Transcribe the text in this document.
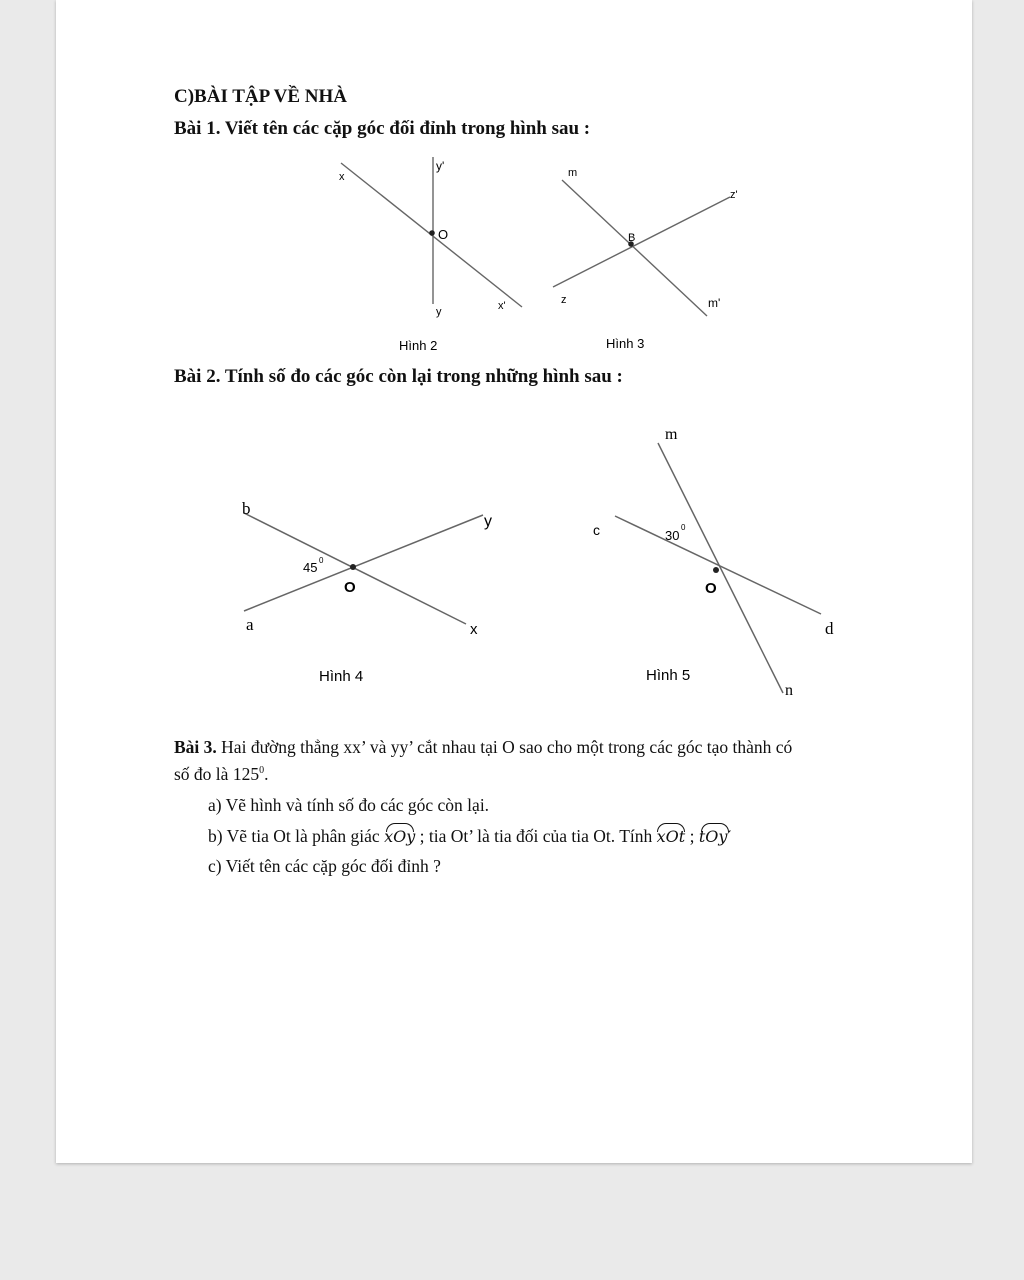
C)BÀI TẬP VỀ NHÀ
Bài 1. Viết tên các cặp góc đối đỉnh trong hình sau :
Bài 2. Tính số đo các góc còn lại trong những hình sau :
x
y'
O
y	x'
Hình 2
m
z'
B
z	m'
Hình 3
b
y
45 0
O
a	x
Hình 4
m
c	30
0
O
d
n
Hình 5
Bài 3. Hai đường thẳng xx’ và yy’ cắt nhau tại O sao cho một trong các góc tạo thành có
số đo là $125^0$.
a) Vẽ hình và tính số đo các góc còn lại.
b) Vẽ tia Ot là phân giác xOy ; tia Ot’ là tia đối của tia Ot. Tính xOt ; tOy′
c) Viết tên các cặp góc đối đỉnh ?
